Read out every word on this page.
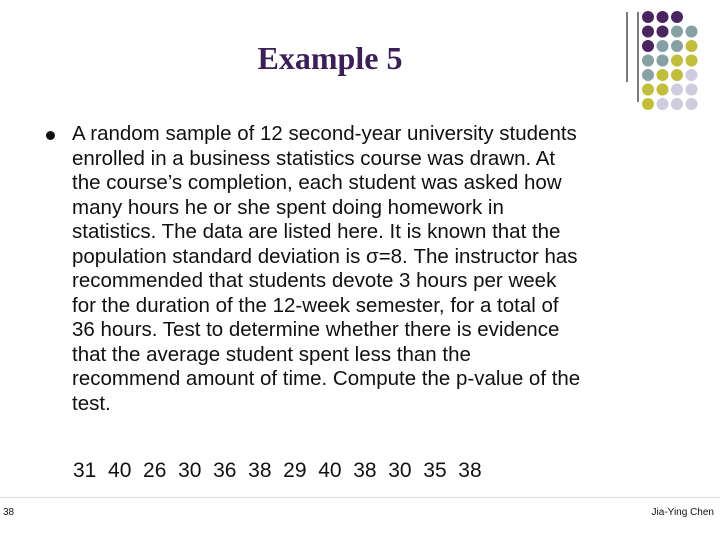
Example 5
A random sample of 12 second-year university students
enrolled in a business statistics course was drawn. At
the course’s completion, each student was asked how
many hours he or she spent doing homework in
statistics. The data are listed here. It is known that the
population standard deviation is σ=8. The instructor has
recommended that students devote 3 hours per week
for the duration of the 12-week semester, for a total of
36 hours. Test to determine whether there is evidence
that the average student spent less than the
recommend amount of time. Compute the p-value of the
test.
31  40  26  30  36  38  29  40  38  30  35  38
38	Jia-Ying Chen
